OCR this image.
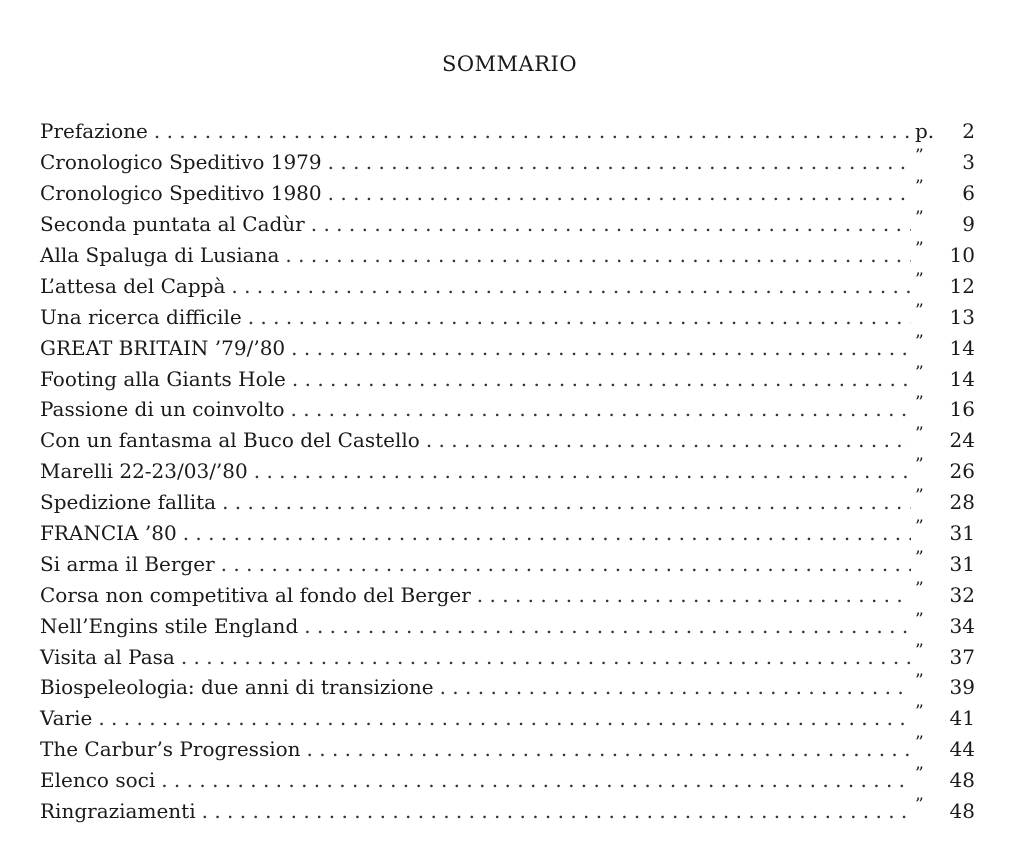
SOMMARIO
Prefazione . . .	p.	2
Cronologico Speditivo 1979 . . .	”	3
Cronologico Speditivo 1980 . . .	”	6
Seconda puntata al Cadùr . . .	”	9
Alla Spaluga di Lusiana . . .	”	10
L’attesa del Cappà . . .	”	12
Una ricerca difficile . . .	”	13
GREAT BRITAIN ’79/’80 . . .	”	14
Footing alla Giants Hole . . .	”	14
Passione di un coinvolto . . .	”	16
Con un fantasma al Buco del Castello . . .	”	24
Marelli 22-23/03/’80 . . .	”	26
Spedizione fallita . . .	”	28
FRANCIA ’80 . . .	”	31
Si arma il Berger . . .	”	31
Corsa non competitiva al fondo del Berger . . .	”	32
Nell’Engins stile England . . .	”	34
Visita al Pasa . . .	”	37
Biospeleologia: due anni di transizione . . .	”	39
Varie . . .	”	41
The Carbur’s Progression . . .	”	44
Elenco soci . . .	”	48
Ringraziamenti . . .	”	48
